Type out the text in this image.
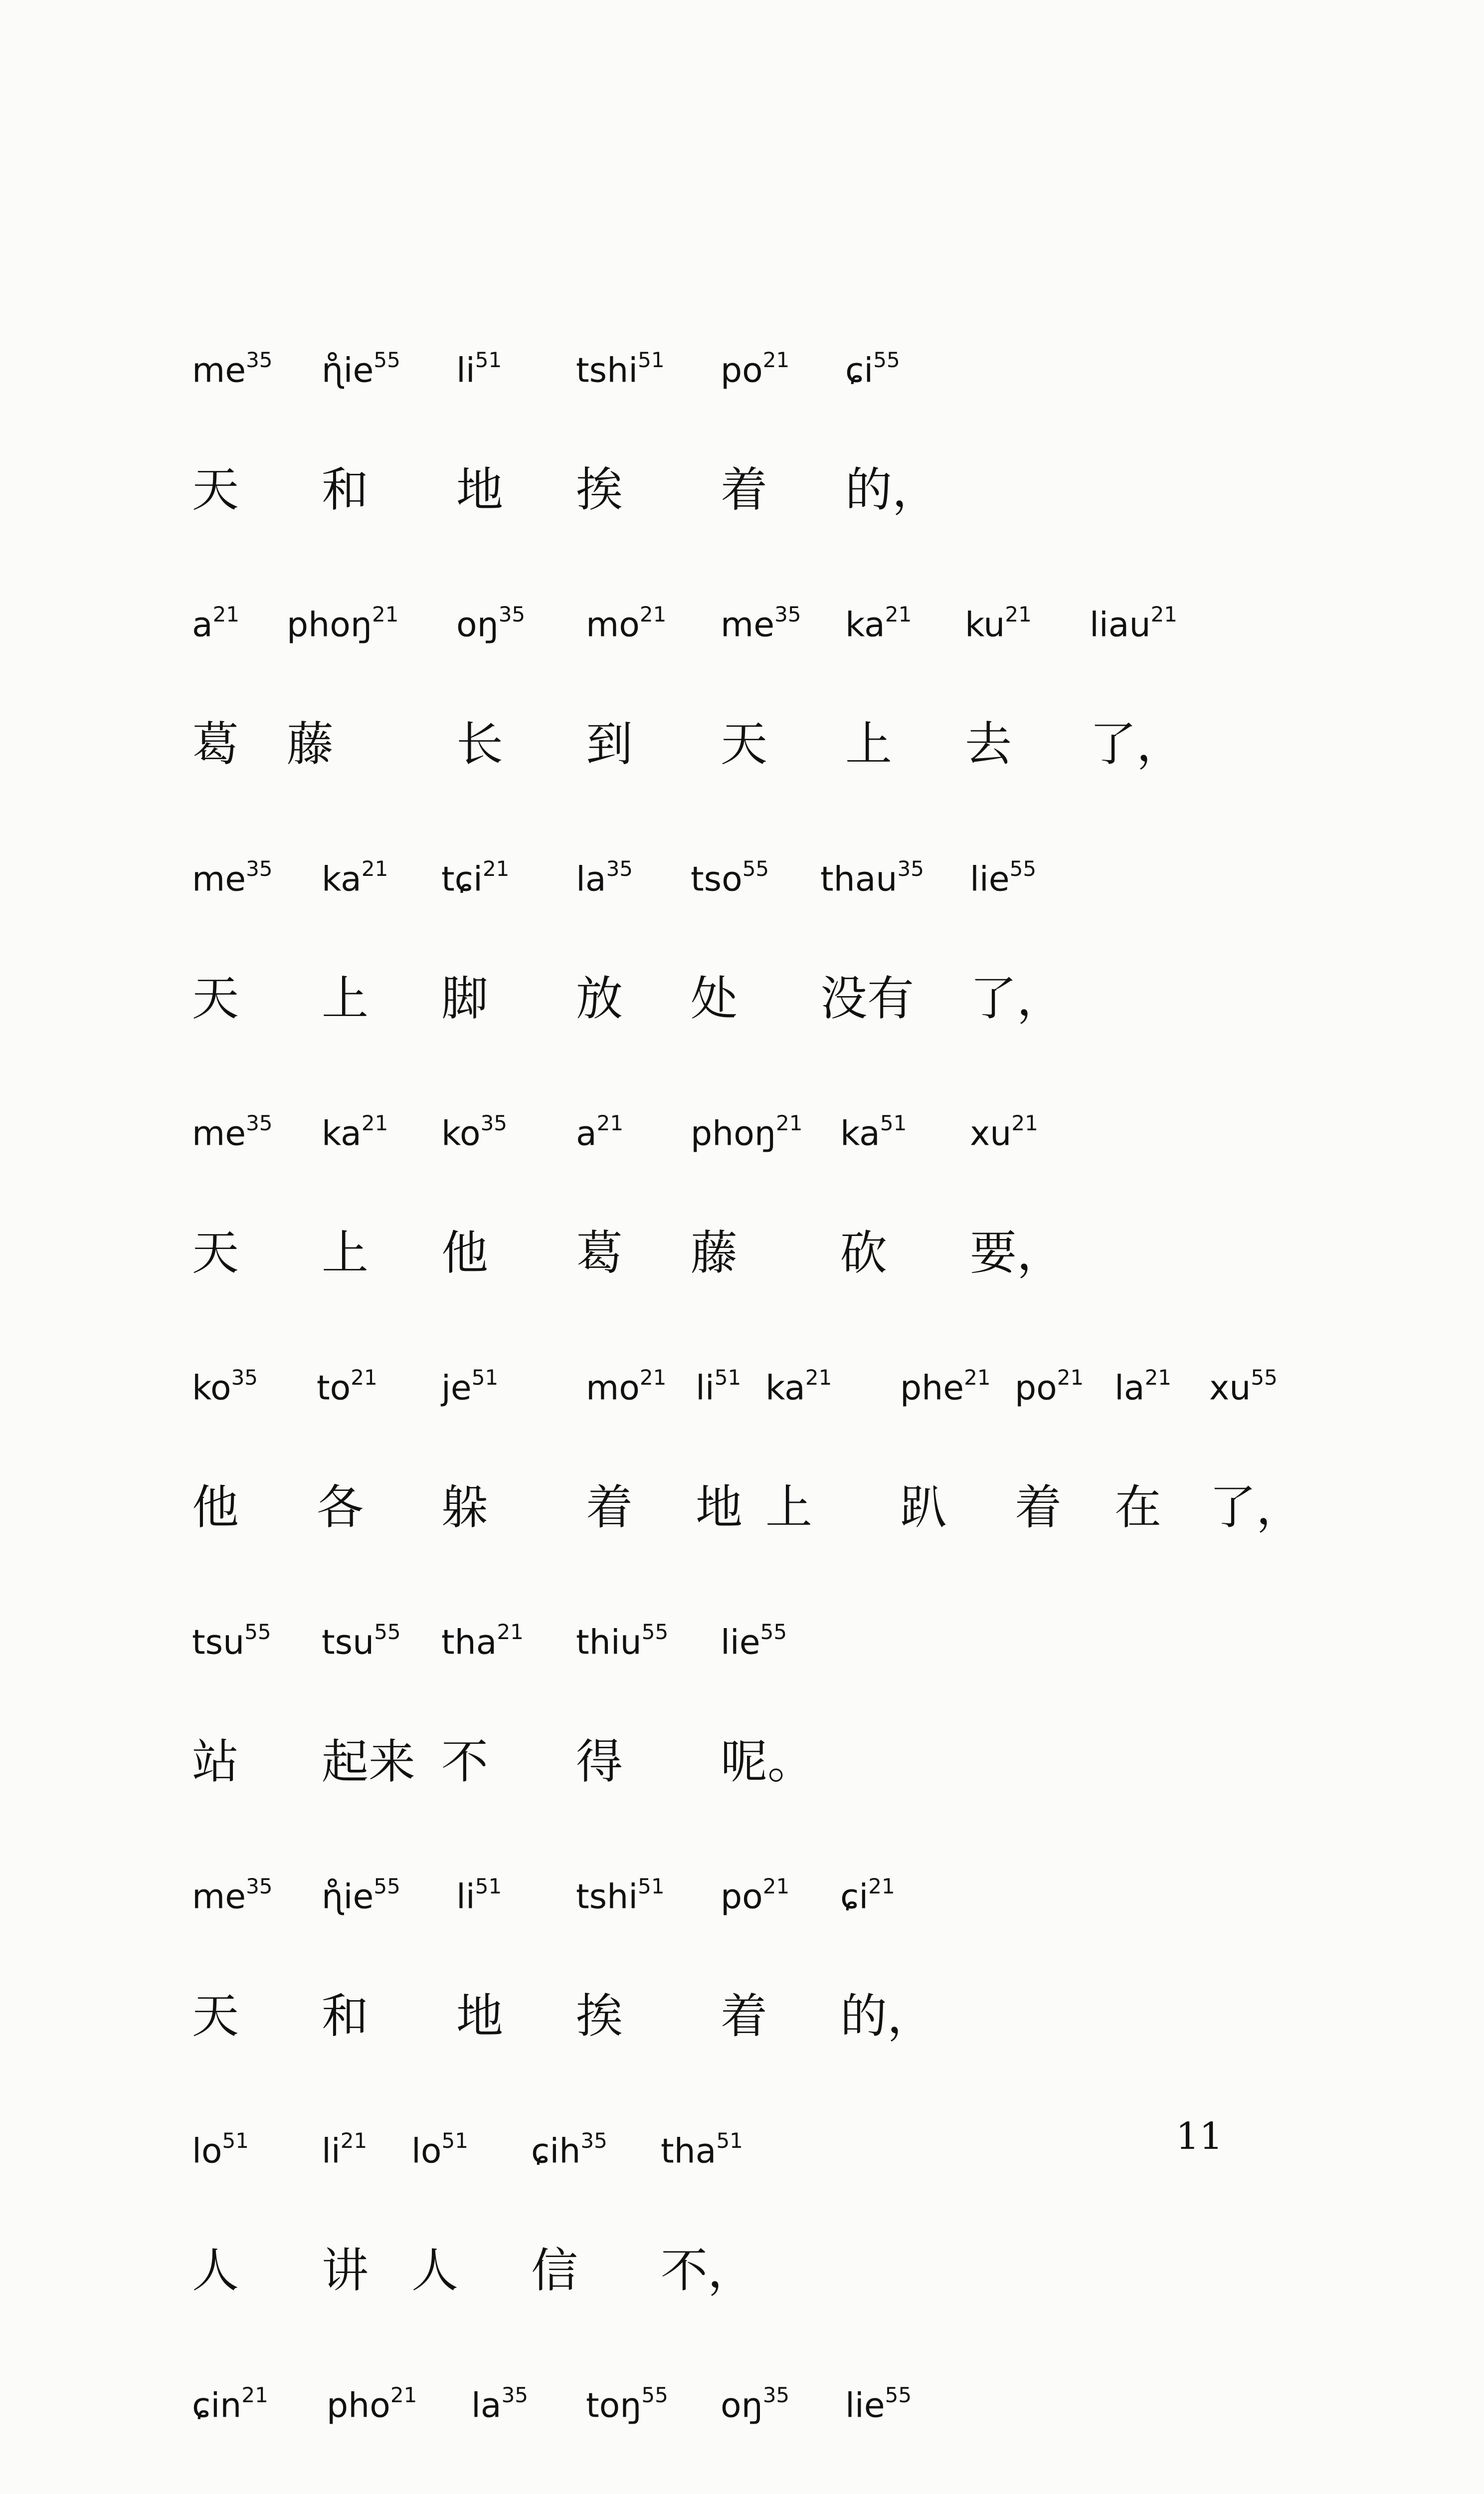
$me^{35}$ $ɳ̊ie^{55}$ $li^{51}$ tshi$^{51}$ $po^{21}$ ɕi$^{55}$
天 和 地 挨 着 的，
$a^{21}$ phoŋ$^{21}$ $oŋ^{35}$ $mo^{21}$ $me^{35}$ $ka^{21}$ $ku^{21}$ liau$^{21}$
葛 藤	长 到 天 上 去 了，
$me^{35}$ $ka^{21}$ tɕi$^{21}$ $la^{35}$ tso$^{55}$ thau$^{35}$ lie$^{55}$
天 上 脚 放 处 没有 了，
$me^{35}$ $ka^{21}$ $ko^{35}$ $a^{21}$ phoŋ$^{21}$ $ka^{51}$ $xu^{21}$
天 上 他 葛 藤 砍 要，
$ko^{35}$ $to^{21}$ $je^{51}$	$mo^{21}$ $li^{51}$ $ka^{21}$ phe$^{21}$ $po^{21}$ $la^{21}$ $xu^{55}$
他 各 躲 着 地 上 趴 着 在 了，
tsu$^{55}$ tsu$^{55}$ tha$^{21}$ thiu$^{55}$ lie$^{55}$
站 起来 不 得 呢。
$me^{35}$ $ɳ̊ie^{55}$ $li^{51}$ tshi$^{51}$ $po^{21}$ ɕi$^{21}$
天 和 地 挨 着 的，
$lo^{51}$ $li^{21}$ $lo^{51}$ ɕih$^{35}$ tha$^{51}$
人 讲 人 信 不，
ɕin$^{21}$ pho$^{21}$ $la^{35}$ toŋ$^{55}$ $oŋ^{35}$ lie$^{55}$
11
